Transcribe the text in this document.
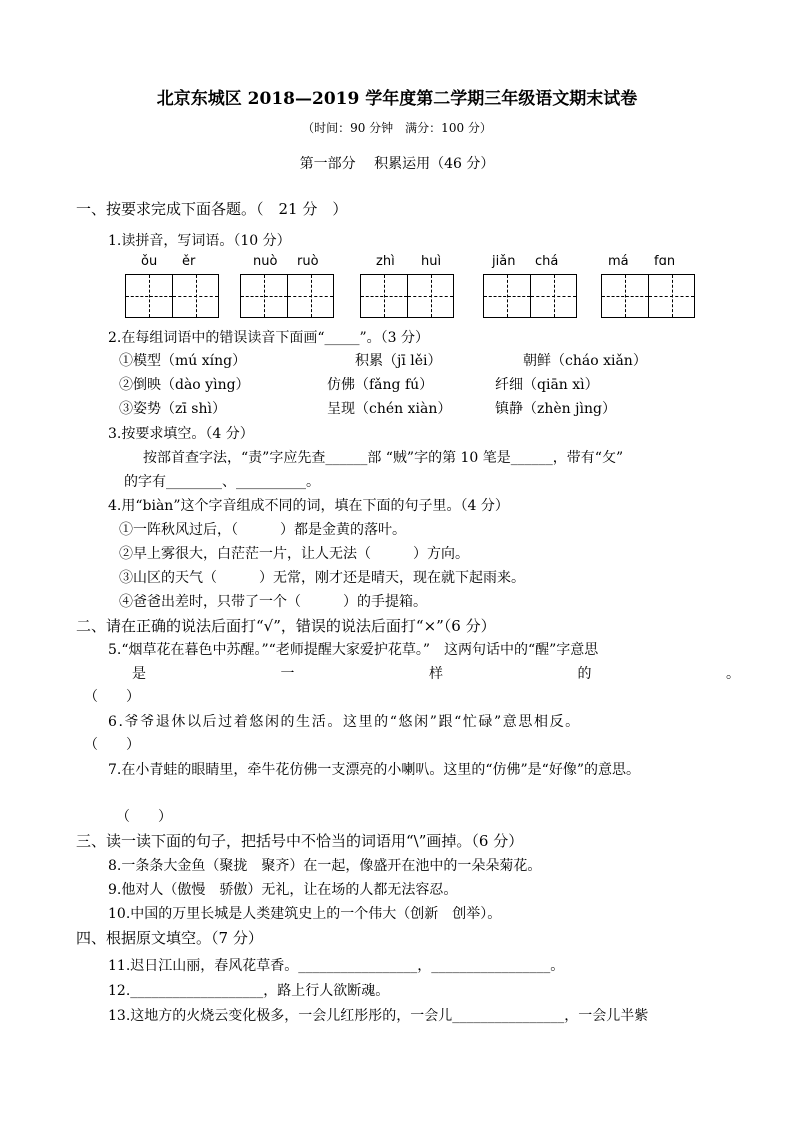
北京东城区 2018—2019 学年度第二学期三年级语文期末试卷
（时间：90 分钟　满分：100 分）
第一部分　 积累运用（46 分）
一、按要求完成下面各题。（　21 分　）
1.读拼音，写词语。（10 分）
ǒu ěr	nuò ruò	zhì huì	jiǎn chá	má fɑn
2.在每组词语中的错误读音下面画“_____”。（3 分）
①模型（mú xíng）	积累（jī lěi）	朝鲜（cháo xiǎn）
②倒映（dào yìng）	仿佛（fǎng fú）	纤细（qiān xì）
③姿势（zī shì）	呈现（chén xiàn）	镇静（zhèn jìng）
3.按要求填空。（4 分）
按部首查字法，“责”字应先查______部 “贼”字的第 10 笔是______，带有“攵”
的字有________、__________。
4.用“biàn”这个字音组成不同的词，填在下面的句子里。（4 分）
①一阵秋风过后，（　　　）都是金黄的落叶。
②早上雾很大，白茫茫一片，让人无法（　　　）方向。
③山区的天气（　　　）无常，刚才还是晴天，现在就下起雨来。
④爸爸出差时，只带了一个（　　　）的手提箱。
二、请在正确的说法后面打“√”，错误的说法后面打“×”（6 分）
5.“烟草花在暮色中苏醒。”“老师提醒大家爱护花草。”　这两句话中的“醒”字意思
是	一	样	的	。
（　　）
6.爷爷退休以后过着悠闲的生活。这里的“悠闲”跟“忙碌”意思相反。
（　　）
7.在小青蛙的眼睛里，牵牛花仿佛一支漂亮的小喇叭。这里的“仿佛”是“好像”的意思。
（　　）
三、读一读下面的句子，把括号中不恰当的词语用“\”画掉。（6 分）
8.一条条大金鱼（聚拢　聚齐）在一起，像盛开在池中的一朵朵菊花。
9.他对人（傲慢　骄傲）无礼，让在场的人都无法容忍。
10.中国的万里长城是人类建筑史上的一个伟大（创新　创举）。
四、根据原文填空。（7 分）
11.迟日江山丽，春风花草香。_________________，_________________。
12.___________________，路上行人欲断魂。
13.这地方的火烧云变化极多，一会儿红彤彤的，一会儿________________，一会儿半紫
